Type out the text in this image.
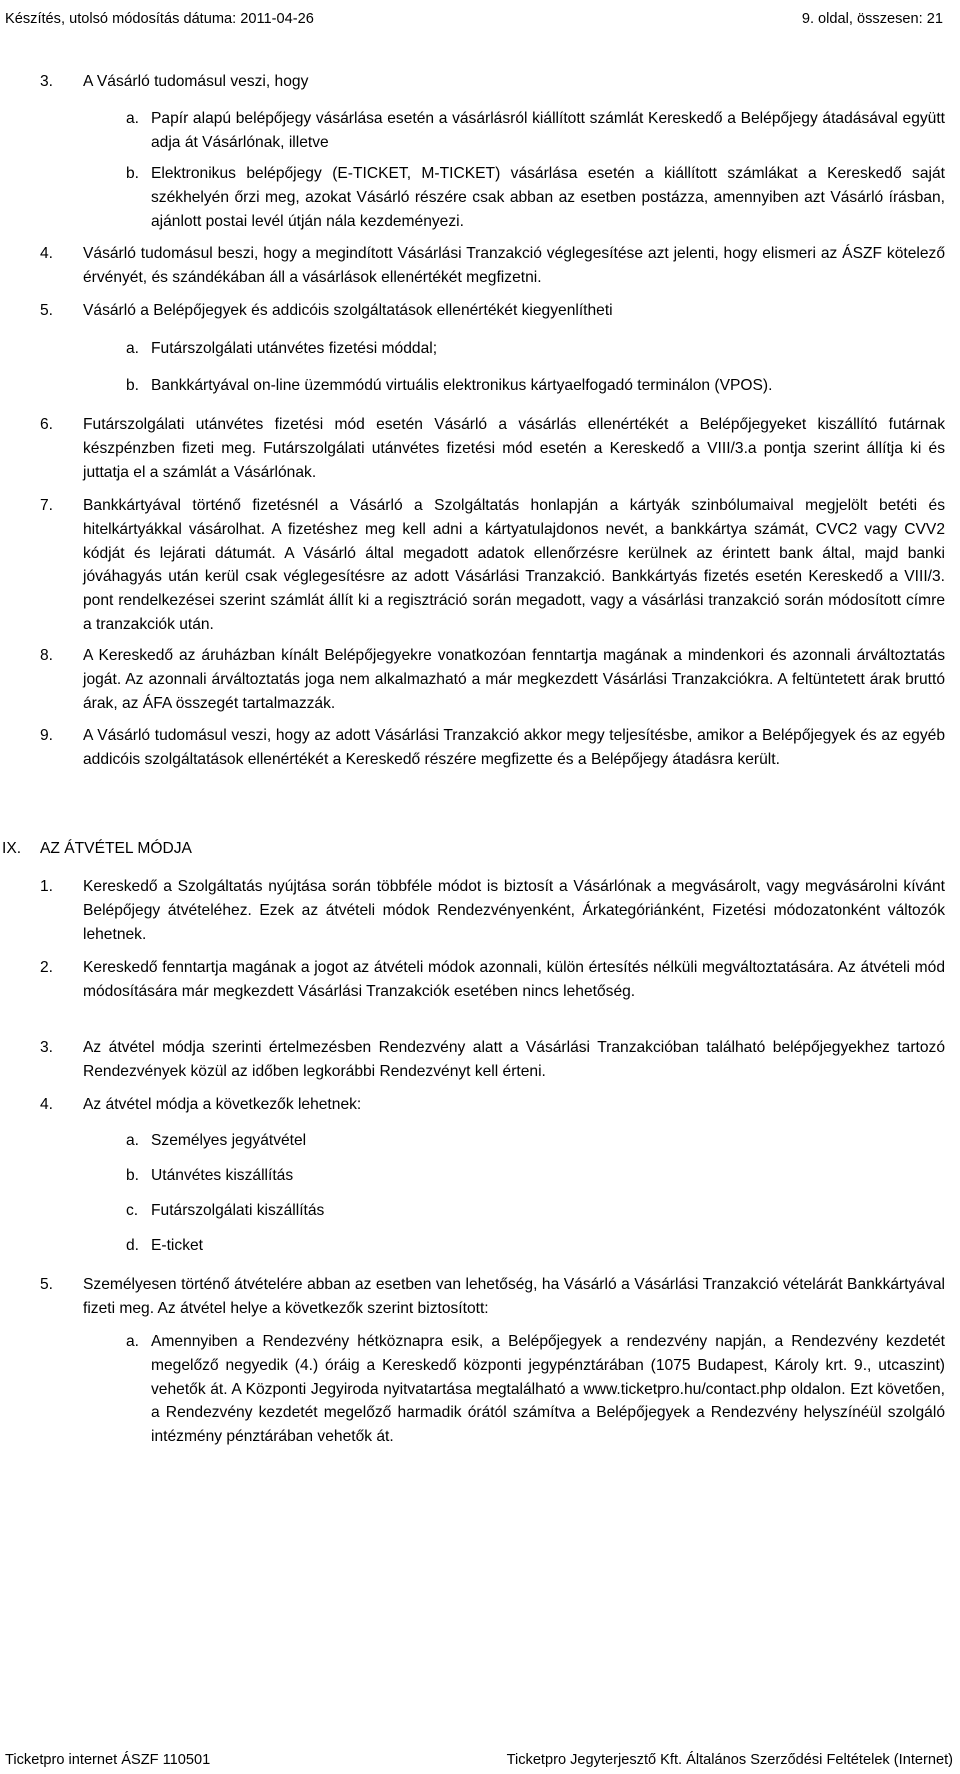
Készítés, utolsó módosítás dátuma: 2011-04-26	9. oldal, összesen: 21
3.	A Vásárló tudomásul veszi, hogy
a. Papír alapú belépőjegy vásárlása esetén a vásárlásról kiállított számlát Kereskedő a Belépőjegy átadásával együtt adja át Vásárlónak, illetve
b. Elektronikus belépőjegy (E-TICKET, M-TICKET) vásárlása esetén a kiállított számlákat a Kereskedő saját székhelyén őrzi meg, azokat Vásárló részére csak abban az esetben postázza, amennyiben azt Vásárló írásban, ajánlott postai levél útján nála kezdeményezi.
4.	Vásárló tudomásul beszi, hogy a megindított Vásárlási Tranzakció véglegesítése azt jelenti, hogy elismeri az ÁSZF kötelező érvényét, és szándékában áll a vásárlások ellenértékét megfizetni.
5.	Vásárló a Belépőjegyek és addicóis szolgáltatások ellenértékét kiegyenlítheti
a. Futárszolgálati utánvétes fizetési móddal;
b. Bankkártyával on-line üzemmódú virtuális elektronikus kártyaelfogadó terminálon (VPOS).
6.	Futárszolgálati utánvétes fizetési mód esetén Vásárló a vásárlás ellenértékét a Belépőjegyeket kiszállító futárnak készpénzben fizeti meg. Futárszolgálati utánvétes fizetési mód esetén a Kereskedő a VIII/3.a pontja szerint állítja ki és juttatja el a számlát a Vásárlónak.
7.	Bankkártyával történő fizetésnél a Vásárló a Szolgáltatás honlapján a kártyák szinbólumaival megjelölt betéti és hitelkártyákkal vásárolhat. A fizetéshez meg kell adni a kártyatulajdonos nevét, a bankkártya számát, CVC2 vagy CVV2 kódját és lejárati dátumát. A Vásárló által megadott adatok ellenőrzésre kerülnek az érintett bank által, majd banki jóváhagyás után kerül csak véglegesítésre az adott Vásárlási Tranzakció. Bankkártyás fizetés esetén Kereskedő a VIII/3. pont rendelkezései szerint számlát állít ki a regisztráció során megadott, vagy a vásárlási tranzakció során módosított címre a tranzakciók után.
8.	A Kereskedő az áruházban kínált Belépőjegyekre vonatkozóan fenntartja magának a mindenkori és azonnali árváltoztatás jogát. Az azonnali árváltoztatás joga nem alkalmazható a már megkezdett Vásárlási Tranzakciókra. A feltüntetett árak bruttó árak, az ÁFA összegét tartalmazzák.
9.	A Vásárló tudomásul veszi, hogy az adott Vásárlási Tranzakció akkor megy teljesítésbe, amikor a Belépőjegyek és az egyéb addicóis szolgáltatások ellenértékét a Kereskedő részére megfizette és a Belépőjegy átadásra került.
IX.	AZ ÁTVÉTEL MÓDJA
1.	Kereskedő a Szolgáltatás nyújtása során többféle módot is biztosít a Vásárlónak a megvásárolt, vagy megvásárolni kívánt Belépőjegy átvételéhez. Ezek az átvételi módok Rendezvényenként, Árkategóriánként, Fizetési módozatonként változók lehetnek.
2.	Kereskedő fenntartja magának a jogot az átvételi módok azonnali, külön értesítés nélküli megváltoztatására. Az átvételi mód módosítására már megkezdett Vásárlási Tranzakciók esetében nincs lehetőség.
3.	Az átvétel módja szerinti értelmezésben Rendezvény alatt a Vásárlási Tranzakcióban található belépőjegyekhez tartozó Rendezvények közül az időben legkorábbi Rendezvényt kell érteni.
4.	Az átvétel módja a következők lehetnek:
a. Személyes jegyátvétel
b. Utánvétes kiszállítás
c. Futárszolgálati kiszállítás
d. E-ticket
5.	Személyesen történő átvételére abban az esetben van lehetőség, ha Vásárló a Vásárlási Tranzakció vételárát Bankkártyával fizeti meg. Az átvétel helye a következők szerint biztosított:
a. Amennyiben a Rendezvény hétköznapra esik, a Belépőjegyek a rendezvény napján, a Rendezvény kezdetét megelőző negyedik (4.) óráig a Kereskedő központi jegypénztárában (1075 Budapest, Károly krt. 9., utcaszint) vehetők át. A Központi Jegyiroda nyitvatartása megtalálható a www.ticketpro.hu/contact.php oldalon. Ezt követően, a Rendezvény kezdetét megelőző harmadik órától számítva a Belépőjegyek a Rendezvény helyszínéül szolgáló intézmény pénztárában vehetők át.
Ticketpro internet ÁSZF 110501	Ticketpro Jegyterjesztő Kft. Általános Szerződési Feltételek (Internet)
